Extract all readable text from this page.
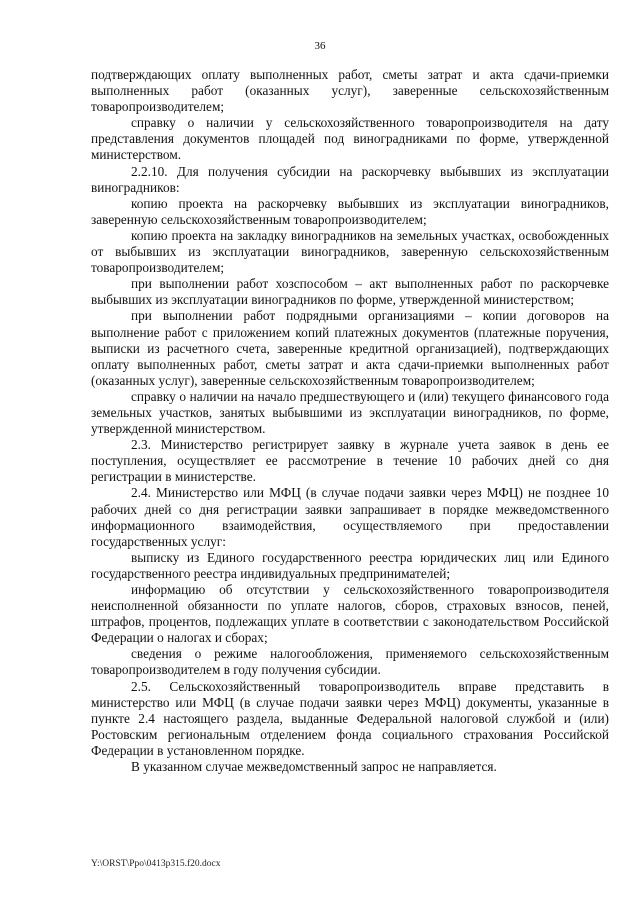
36

подтверждающих оплату выполненных работ, сметы затрат и акта сдачи-приемки выполненных работ (оказанных услуг), заверенные сельскохозяйственным товаропроизводителем;

справку о наличии у сельскохозяйственного товаропроизводителя на дату представления документов площадей под виноградниками по форме, утвержденной министерством.

2.2.10. Для получения субсидии на раскорчевку выбывших из эксплуатации виноградников:

копию проекта на раскорчевку выбывших из эксплуатации виноградников, заверенную сельскохозяйственным товаропроизводителем;

копию проекта на закладку виноградников на земельных участках, освобожденных от выбывших из эксплуатации виноградников, заверенную сельскохозяйственным товаропроизводителем;

при выполнении работ хозспособом – акт выполненных работ по раскорчевке выбывших из эксплуатации виноградников по форме, утвержденной министерством;

при выполнении работ подрядными организациями – копии договоров на выполнение работ с приложением копий платежных документов (платежные поручения, выписки из расчетного счета, заверенные кредитной организацией), подтверждающих оплату выполненных работ, сметы затрат и акта сдачи-приемки выполненных работ (оказанных услуг), заверенные сельскохозяйственным товаропроизводителем;

справку о наличии на начало предшествующего и (или) текущего финансового года земельных участков, занятых выбывшими из эксплуатации виноградников, по форме, утвержденной министерством.

2.3. Министерство регистрирует заявку в журнале учета заявок в день ее поступления, осуществляет ее рассмотрение в течение 10 рабочих дней со дня регистрации в министерстве.

2.4. Министерство или МФЦ (в случае подачи заявки через МФЦ) не позднее 10 рабочих дней со дня регистрации заявки запрашивает в порядке межведомственного информационного взаимодействия, осуществляемого при предоставлении государственных услуг:

выписку из Единого государственного реестра юридических лиц или Единого государственного реестра индивидуальных предпринимателей;

информацию об отсутствии у сельскохозяйственного товаропроизводителя неисполненной обязанности по уплате налогов, сборов, страховых взносов, пеней, штрафов, процентов, подлежащих уплате в соответствии с законодательством Российской Федерации о налогах и сборах;

сведения о режиме налогообложения, применяемого сельскохозяйственным товаропроизводителем в году получения субсидии.

2.5. Сельскохозяйственный товаропроизводитель вправе представить в министерство или МФЦ (в случае подачи заявки через МФЦ) документы, указанные в пункте 2.4 настоящего раздела, выданные Федеральной налоговой службой и (или) Ростовским региональным отделением фонда социального страхования Российской Федерации в установленном порядке.

В указанном случае межведомственный запрос не направляется.

Y:\ORST\Ppo\0413p315.f20.docx
